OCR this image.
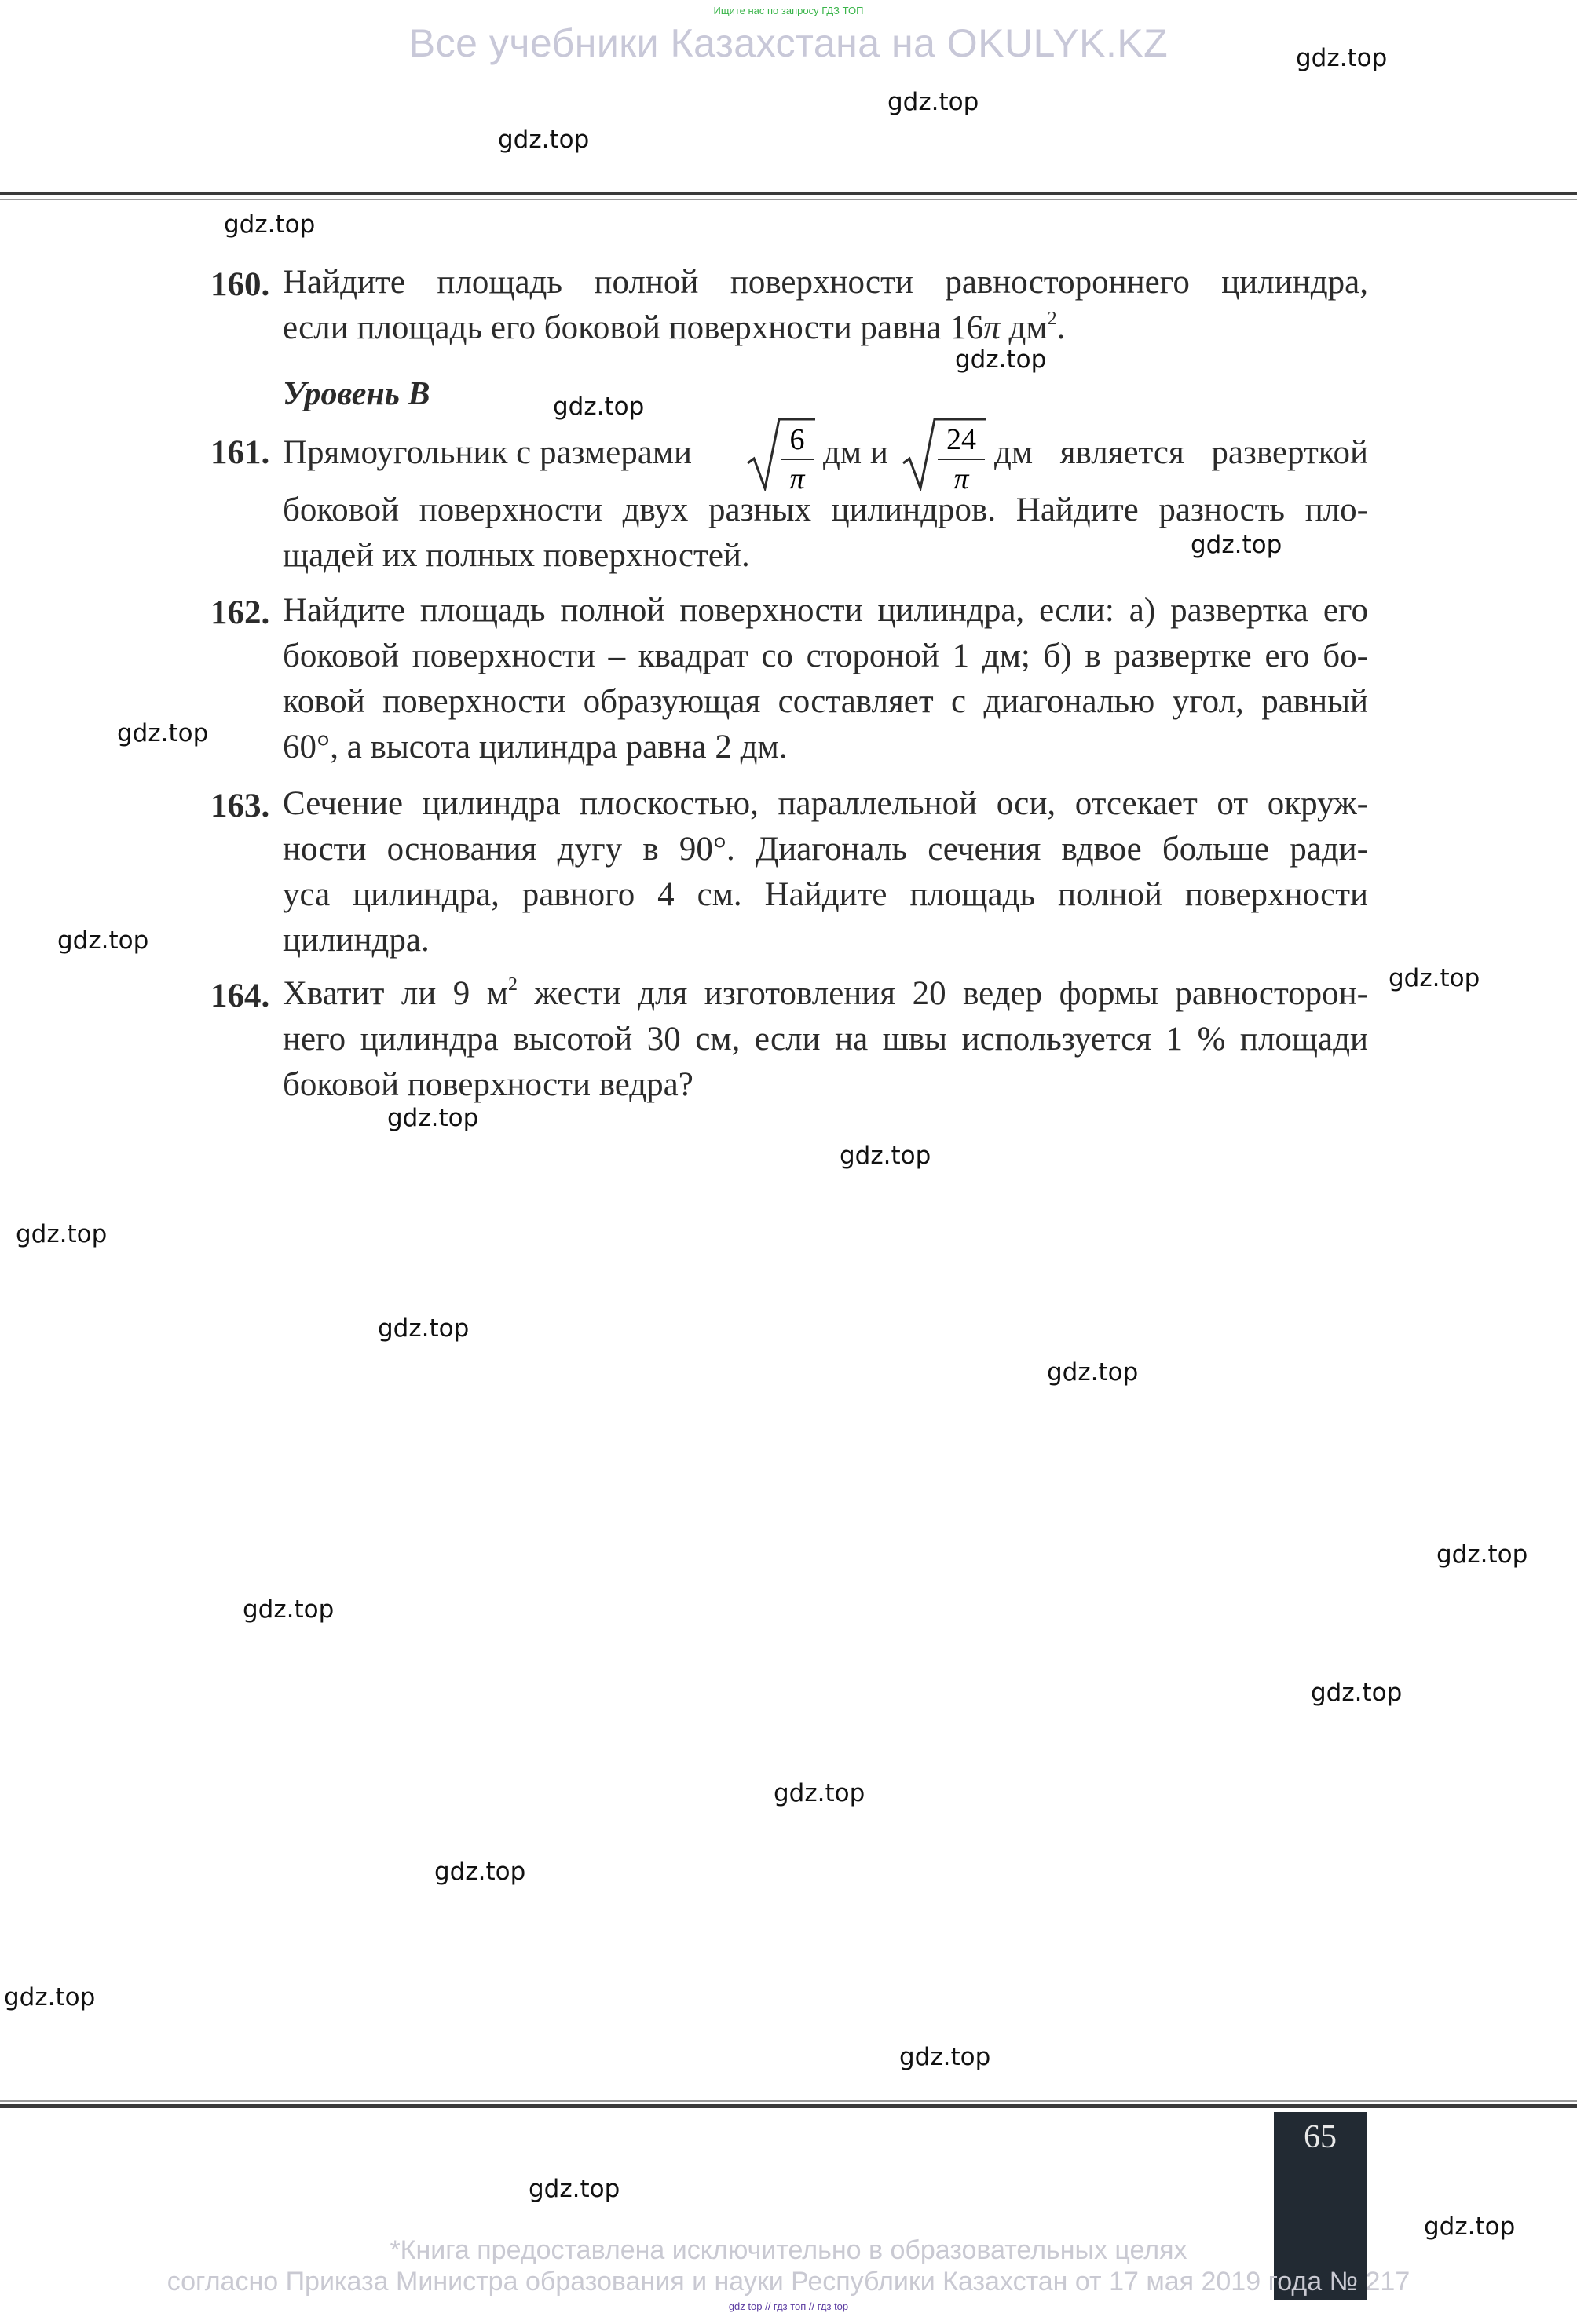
Ищите нас по запросу ГДЗ ТОП
Все учебники Казахстана на OKULYK.KZ	gdz.top
gdz.top
gdz.top
gdz.top
160. Найдите площадь полной поверхности равностороннего цилиндра,
если площадь его боковой поверхности равна 16π $дм^2$.
gdz.top
Уровень В	gdz.top
161. Прямоугольник с размерами	6
π
дм и 24
π
дм является разверткой
боковой поверхности двух разных цилиндров. Найдите разность пло-
щадей их полных поверхностей.	gdz.top
162. Найдите площадь полной поверхности цилиндра, если: а) развертка его
боковой поверхности – квадрат со стороной 1 дм; б) в развертке его бо-
ковой поверхности образующая составляет с диагональю угол, равный
60°, а высота цилиндра равна 2 дм.
gdz.top
163. Сечение цилиндра плоскостью, параллельной оси, отсекает от окруж-
ности основания дугу в 90°. Диагональ сечения вдвое больше ради-
уса цилиндра, равного 4 см. Найдите площадь полной поверхности
цилиндра.
gdz.top
gdz.top
164. Хватит ли 9 $м^2$ жести для изготовления 20 ведер формы равносторон-
него цилиндра высотой 30 см, если на швы используется 1 % площади
боковой поверхности ведра?
gdz.top
gdz.top
gdz.top
gdz.top
gdz.top
gdz.top
gdz.top
gdz.top
gdz.top
gdz.top
gdz.top
gdz.top
65
gdz.top
gdz.top
*Книга предоставлена исключительно в образовательных целях
согласно Приказа Министра образования и науки Республики Казахстан от 17 мая 2019 года № 217
gdz top // гдз топ // гдз top
